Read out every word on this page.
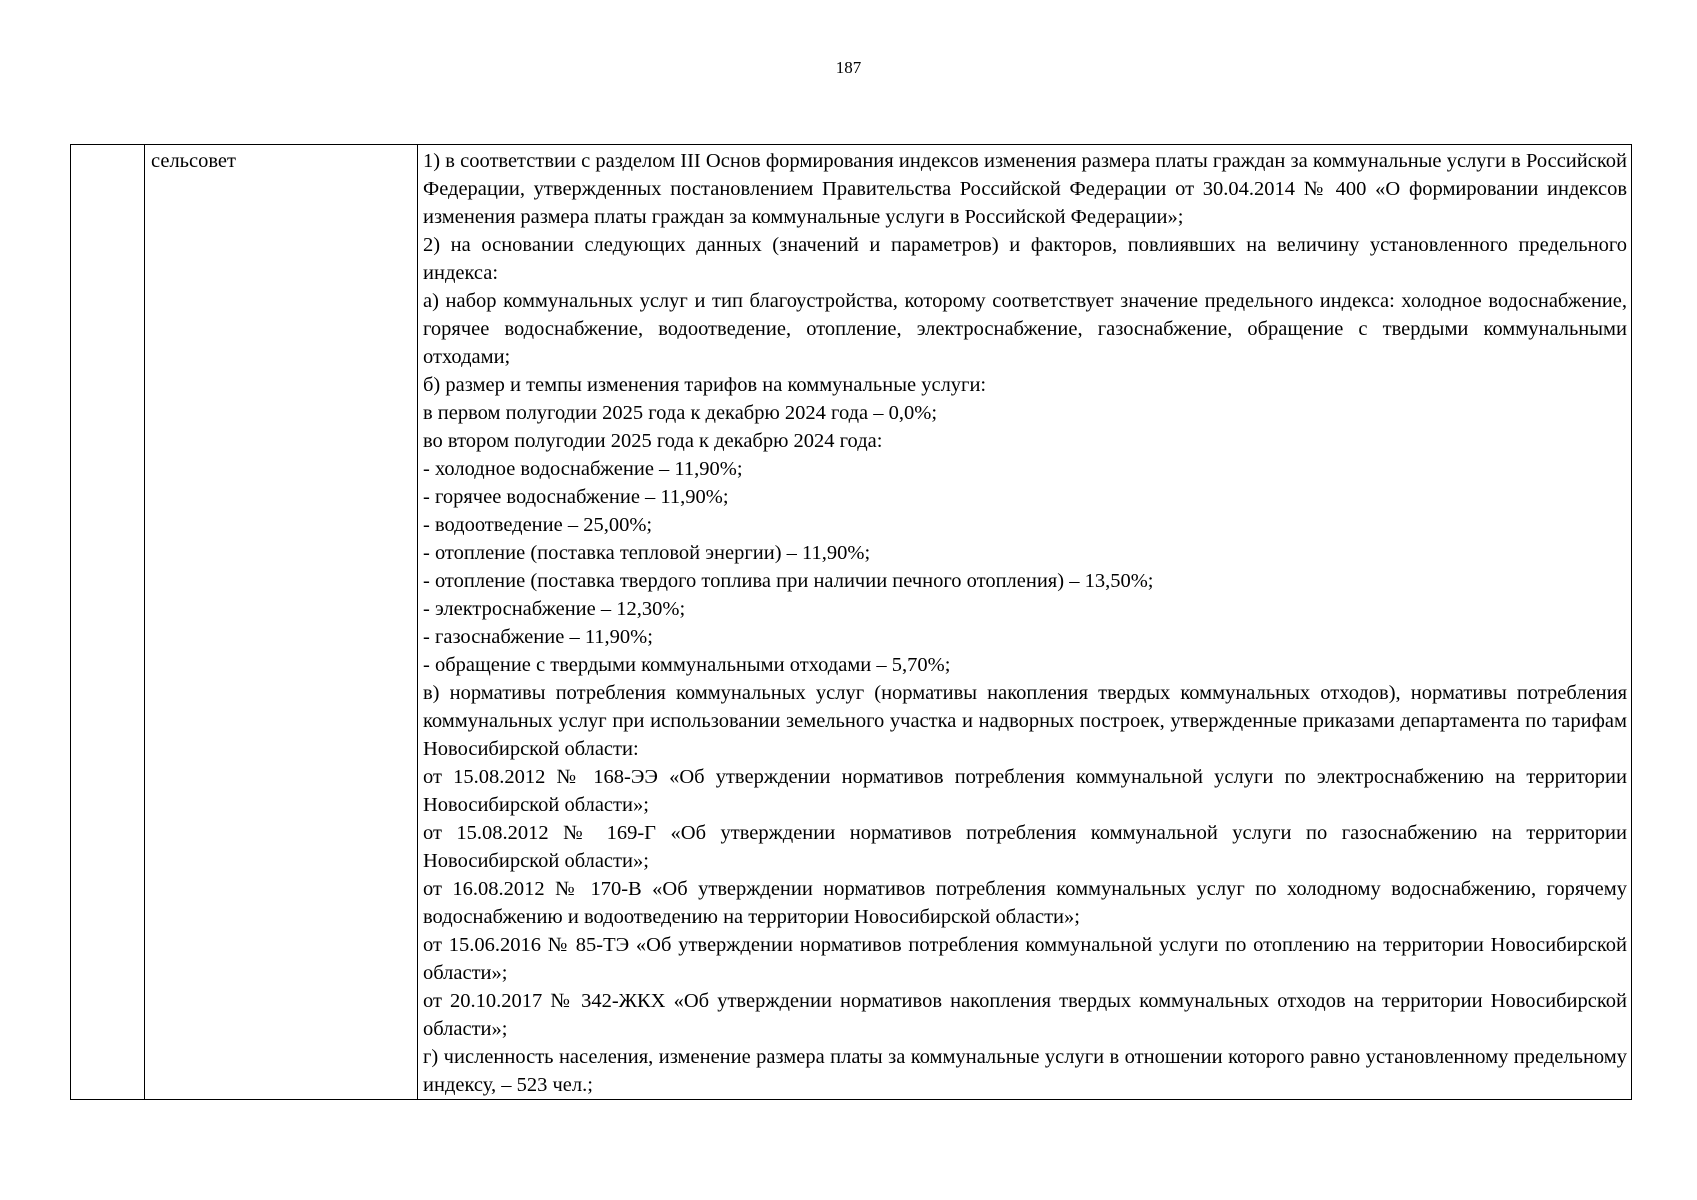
187
	сельсовет	1) в соответствии с разделом III Основ формирования индексов изменения размера платы граждан за коммунальные услуги в Российской Федерации, утвержденных постановлением Правительства Российской Федерации от 30.04.2014 № 400 «О формировании индексов изменения размера платы граждан за коммунальные услуги в Российской Федерации»;

2) на основании следующих данных (значений и параметров) и факторов, повлиявших на величину установленного предельного индекса:

а) набор коммунальных услуг и тип благоустройства, которому соответствует значение предельного индекса: холодное водоснабжение, горячее водоснабжение, водоотведение, отопление, электроснабжение, газоснабжение, обращение с твердыми коммунальными отходами;

б) размер и темпы изменения тарифов на коммунальные услуги:

в первом полугодии 2025 года к декабрю 2024 года – 0,0%;

во втором полугодии 2025 года к декабрю 2024 года:

- холодное водоснабжение – 11,90%;

- горячее водоснабжение – 11,90%;

- водоотведение – 25,00%;

- отопление (поставка тепловой энергии) – 11,90%;

- отопление (поставка твердого топлива при наличии печного отопления) – 13,50%;

- электроснабжение – 12,30%;

- газоснабжение – 11,90%;

- обращение с твердыми коммунальными отходами – 5,70%;

в) нормативы потребления коммунальных услуг (нормативы накопления твердых коммунальных отходов), нормативы потребления коммунальных услуг при использовании земельного участка и надворных построек, утвержденные приказами департамента по тарифам Новосибирской области:

от 15.08.2012 № 168-ЭЭ «Об утверждении нормативов потребления коммунальной услуги по электроснабжению на территории Новосибирской области»;

от 15.08.2012 № 169-Г «Об утверждении нормативов потребления коммунальной услуги по газоснабжению на территории Новосибирской области»;

от 16.08.2012 № 170-В «Об утверждении нормативов потребления коммунальных услуг по холодному водоснабжению, горячему водоснабжению и водоотведению на территории Новосибирской области»;

от 15.06.2016 № 85-ТЭ «Об утверждении нормативов потребления коммунальной услуги по отоплению на территории Новосибирской области»;

от 20.10.2017 № 342-ЖКХ «Об утверждении нормативов накопления твердых коммунальных отходов на территории Новосибирской области»;

г) численность населения, изменение размера платы за коммунальные услуги в отношении которого равно установленному предельному индексу, – 523 чел.;
